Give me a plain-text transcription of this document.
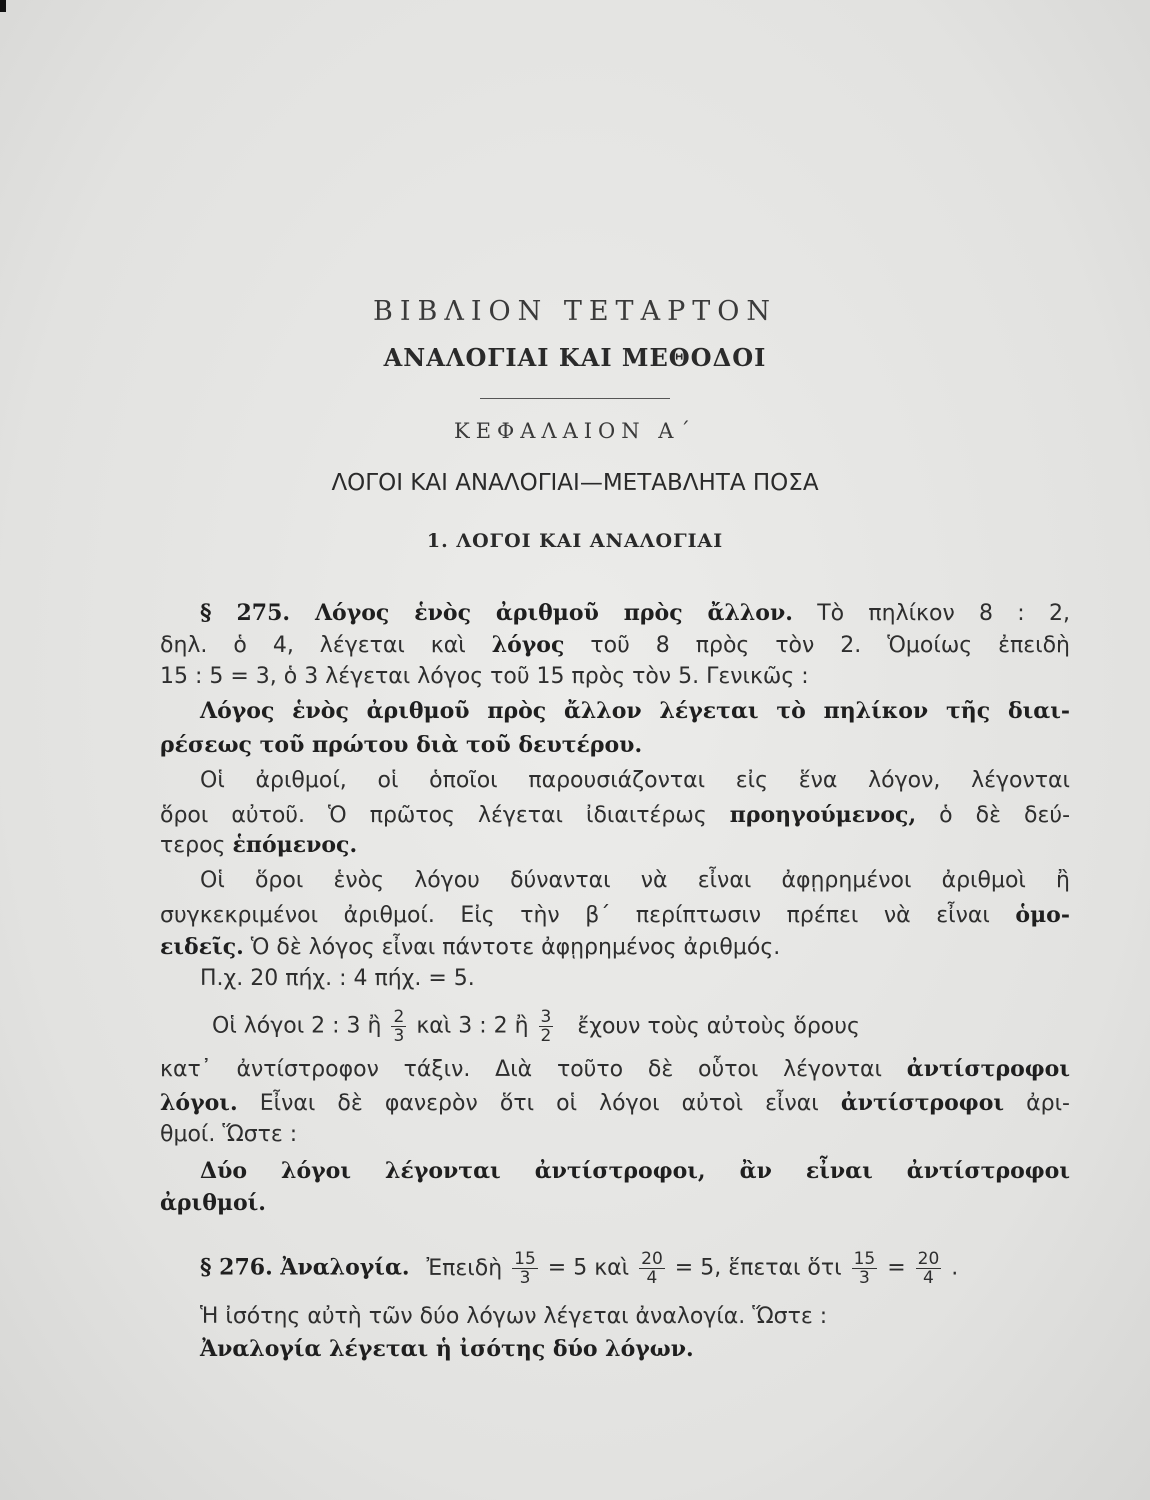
ΒΙΒΛΙΟΝ ΤΕΤΑΡΤΟΝ
ΑΝΑΛΟΓΙΑΙ ΚΑΙ ΜΕΘΟΔΟΙ
ΚΕΦΑΛΑΙΟΝ Α΄
ΛΟΓΟΙ ΚΑΙ ΑΝΑΛΟΓΙΑΙ—ΜΕΤΑΒΛΗΤΑ ΠΟΣΑ
1. ΛΟΓΟΙ ΚΑΙ ΑΝΑΛΟΓΙΑΙ
§ 275. Λόγος ἑνὸς ἀριθμοῦ πρὸς ἄλλον. Τὸ πηλίκον 8 : 2,
δηλ. ὁ 4, λέγεται καὶ λόγος τοῦ 8 πρὸς τὸν 2. Ὁμοίως ἐπειδὴ
15 : 5 = 3, ὁ 3 λέγεται λόγος τοῦ 15 πρὸς τὸν 5. Γενικῶς :
Λόγος ἑνὸς ἀριθμοῦ πρὸς ἄλλον λέγεται τὸ πηλίκον τῆς διαι-
ρέσεως τοῦ πρώτου διὰ τοῦ δευτέρου.
Οἱ ἀριθμοί, οἱ ὁποῖοι παρουσιάζονται εἰς ἕνα λόγον, λέγονται
ὅροι αὐτοῦ. Ὁ πρῶτος λέγεται ἰδιαιτέρως προηγούμενος, ὁ δὲ δεύ-
τερος ἑπόμενος.
Οἱ ὅροι ἑνὸς λόγου δύνανται νὰ εἶναι ἀφῃρημένοι ἀριθμοὶ ἢ
συγκεκριμένοι ἀριθμοί. Εἰς τὴν β΄ περίπτωσιν πρέπει νὰ εἶναι ὁμο-
ειδεῖς. Ὁ δὲ λόγος εἶναι πάντοτε ἀφῃρημένος ἀριθμός.
Π.χ. 20 πήχ. : 4 πήχ. = 5.
Οἱ λόγοι 2 : 3 ἢ $\frac{2}{3}$ καὶ 3 : 2 ἢ $\frac{3}{2}$ ἔχουν τοὺς αὐτοὺς ὅρους
κατ᾿ ἀντίστροφον τάξιν. Διὰ τοῦτο δὲ οὗτοι λέγονται ἀντίστροφοι
λόγοι. Εἶναι δὲ φανερὸν ὅτι οἱ λόγοι αὐτοὶ εἶναι ἀντίστροφοι ἀρι-
θμοί. Ὥστε :
Δύο λόγοι λέγονται ἀντίστροφοι, ἂν εἶναι ἀντίστροφοι
ἀριθμοί.
§ 276. Ἀναλογία. Ἐπειδὴ $\frac{15}{3} = 5$ καὶ $\frac{20}{4} = 5$, ἕπεται ὅτι $\frac{15}{3} = \frac{20}{4}$ .
Ἡ ἰσότης αὐτὴ τῶν δύο λόγων λέγεται ἀναλογία. Ὥστε :
Ἀναλογία λέγεται ἡ ἰσότης δύο λόγων.
